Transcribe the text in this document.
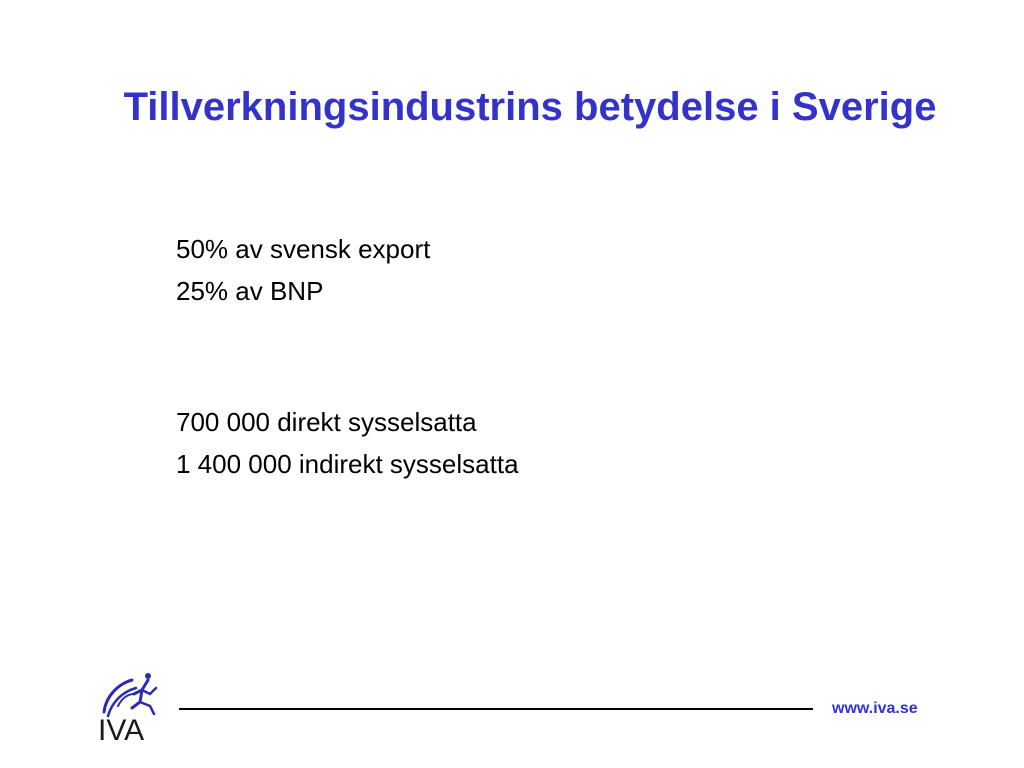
Tillverkningsindustrins betydelse i Sverige
50% av svensk export
25% av BNP
700 000 direkt sysselsatta
1 400 000 indirekt sysselsatta
IVA
www.iva.se
